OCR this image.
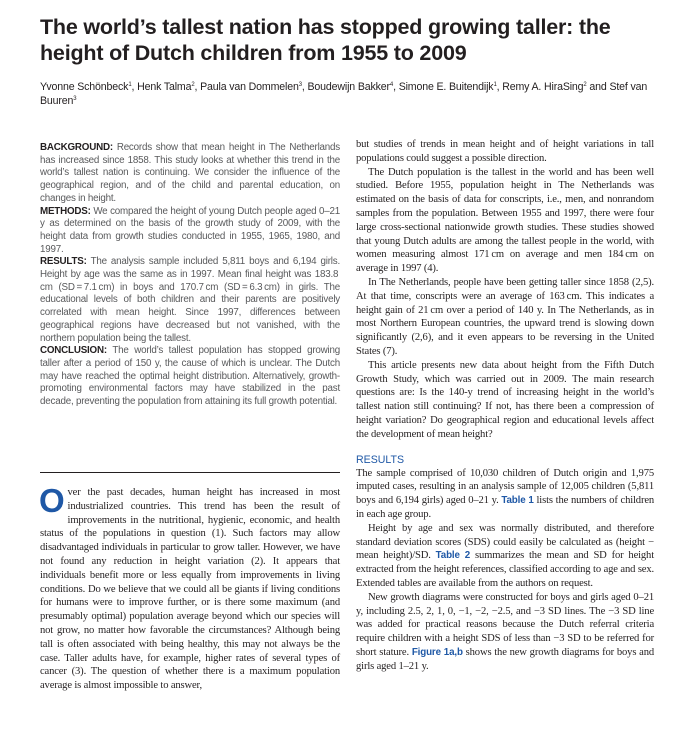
The world’s tallest nation has stopped growing taller: the height of Dutch children from 1955 to 2009
Yvonne Schönbeck$^1$, Henk Talma$^2$, Paula van Dommelen$^3$, Boudewijn Bakker$^4$, Simone E. Buitendijk$^1$, Remy A. HiraSing$^2$ and Stef van Buuren$^3$

BACKGROUND: Records show that mean height in The Netherlands has increased since 1858. This study looks at whether this trend in the world’s tallest nation is continuing. We consider the influence of the geographical region, and of the child and parental education, on changes in height.

METHODS: We compared the height of young Dutch people aged 0–21 y as determined on the basis of the growth study of 2009, with the height data from growth studies conducted in 1955, 1965, 1980, and 1997.

RESULTS: The analysis sample included 5,811 boys and 6,194 girls. Height by age was the same as in 1997. Mean final height was 183.8 cm (SD = 7.1 cm) in boys and 170.7 cm (SD = 6.3 cm) in girls. The educational levels of both children and their parents are positively correlated with mean height. Since 1997, differences between geographical regions have decreased but not vanished, with the northern population being the tallest.

CONCLUSION: The world’s tallest population has stopped growing taller after a period of 150 y, the cause of which is unclear. The Dutch may have reached the optimal height distribution. Alternatively, growth-promoting environmental factors may have stabilized in the past decade, preventing the population from attaining its full growth potential.

Over the past decades, human height has increased in most industrialized countries. This trend has been the result of improvements in the nutritional, hygienic, economic, and health status of the populations in question (1). Such factors may allow disadvantaged individuals in particular to grow taller. However, we have not found any reduction in height variation (2). It appears that individuals benefit more or less equally from improvements in living conditions. Do we believe that we could all be giants if living conditions for humans were to improve further, or is there some maximum (and presumably optimal) population average beyond which our species will not grow, no matter how favorable the circumstances? Although being tall is often associated with being healthy, this may not always be the case. Taller adults have, for example, higher rates of several types of cancer (3). The question of whether there is a maximum population average is almost impossible to answer,

but studies of trends in mean height and of height variations in tall populations could suggest a possible direction.

The Dutch population is the tallest in the world and has been well studied. Before 1955, population height in The Netherlands was estimated on the basis of data for conscripts, i.e., men, and nonrandom samples from the population. Between 1955 and 1997, there were four large cross-sectional nationwide growth studies. These studies showed that young Dutch adults are among the tallest people in the world, with women measuring almost 171 cm on average and men 184 cm on average in 1997 (4).

In The Netherlands, people have been getting taller since 1858 (2,5). At that time, conscripts were an average of 163 cm. This indicates a height gain of 21 cm over a period of 140 y. In The Netherlands, as in most Northern European countries, the upward trend is slowing down significantly (2,6), and it even appears to be reversing in the United States (7).

This article presents new data about height from the Fifth Dutch Growth Study, which was carried out in 2009. The main research questions are: Is the 140-y trend of increasing height in the world’s tallest nation still continuing? If not, has there been a compression of height variation? Do geographical region and educational levels affect the development of mean height?

RESULTS

The sample comprised of 10,030 children of Dutch origin and 1,975 imputed cases, resulting in an analysis sample of 12,005 children (5,811 boys and 6,194 girls) aged 0–21 y. Table 1 lists the numbers of children in each age group.

Height by age and sex was normally distributed, and therefore standard deviation scores (SDS) could easily be calculated as (height − mean height)/SD. Table 2 summarizes the mean and SD for height extracted from the height references, classified according to age and sex. Extended tables are available from the authors on request.

New growth diagrams were constructed for boys and girls aged 0–21 y, including 2.5, 2, 1, 0, −1, −2, −2.5, and −3 SD lines. The −3 SD line was added for practical reasons because the Dutch referral criteria require children with a height SDS of less than −3 SD to be referred for short stature. Figure 1a,b shows the new growth diagrams for boys and girls aged 1–21 y.
